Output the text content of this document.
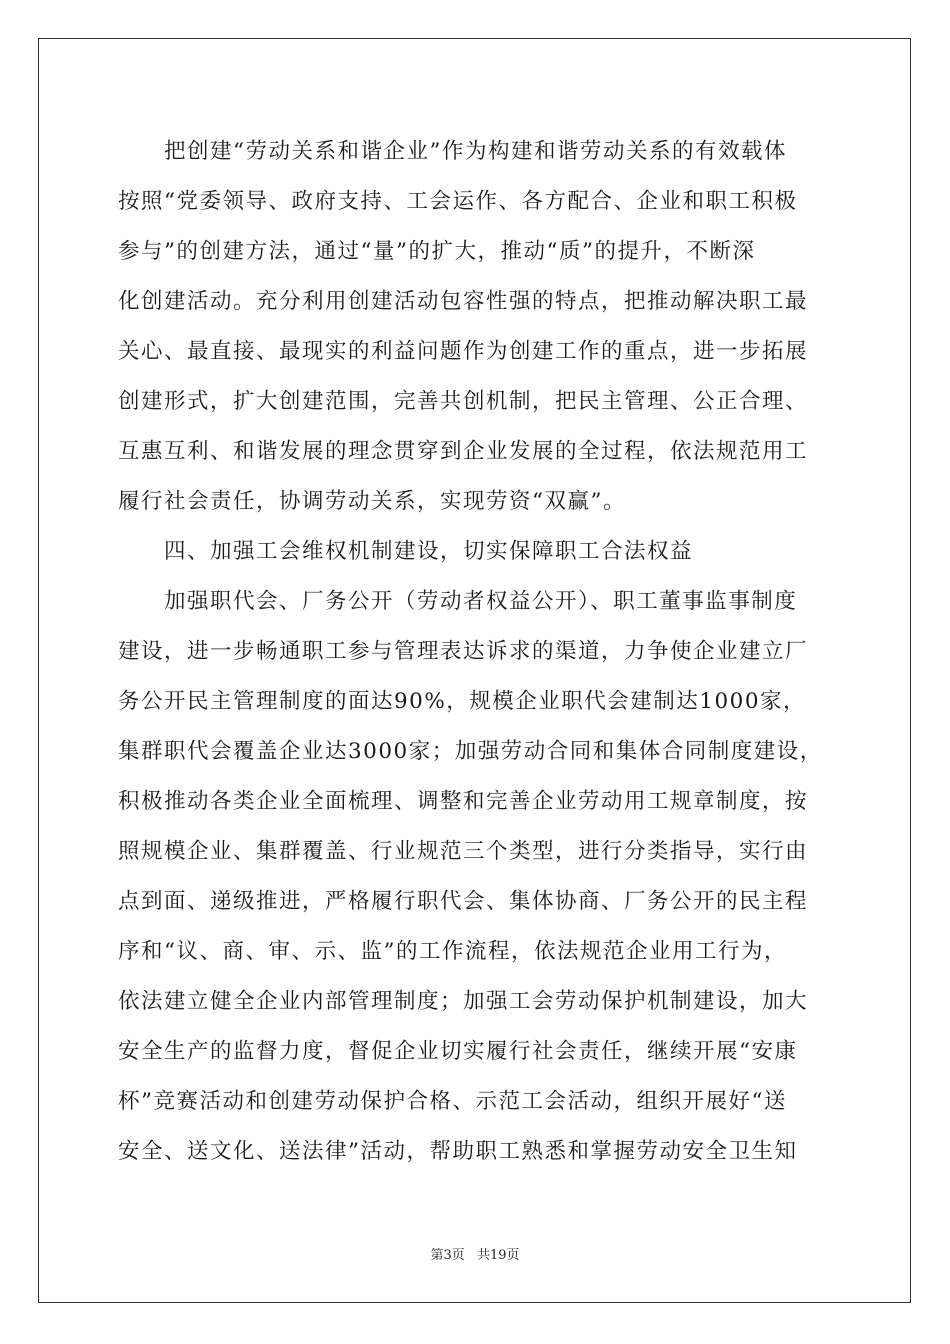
　　把创建“劳动关系和谐企业”作为构建和谐劳动关系的有效载体
按照“党委领导、政府支持、工会运作、各方配合、企业和职工积极
参与”的创建方法，通过“量”的扩大，推动“质”的提升，不断深
化创建活动。充分利用创建活动包容性强的特点，把推动解决职工最
关心、最直接、最现实的利益问题作为创建工作的重点，进一步拓展
创建形式，扩大创建范围，完善共创机制，把民主管理、公正合理、
互惠互利、和谐发展的理念贯穿到企业发展的全过程，依法规范用工
履行社会责任，协调劳动关系，实现劳资“双赢”。
　　四、加强工会维权机制建设，切实保障职工合法权益
　　加强职代会、厂务公开（劳动者权益公开）、职工董事监事制度
建设，进一步畅通职工参与管理表达诉求的渠道，力争使企业建立厂
务公开民主管理制度的面达90%，规模企业职代会建制达1000家，
集群职代会覆盖企业达3000家；加强劳动合同和集体合同制度建设，
积极推动各类企业全面梳理、调整和完善企业劳动用工规章制度，按
照规模企业、集群覆盖、行业规范三个类型，进行分类指导，实行由
点到面、递级推进，严格履行职代会、集体协商、厂务公开的民主程
序和“议、商、审、示、监”的工作流程，依法规范企业用工行为，
依法建立健全企业内部管理制度；加强工会劳动保护机制建设，加大
安全生产的监督力度，督促企业切实履行社会责任，继续开展“安康
杯”竞赛活动和创建劳动保护合格、示范工会活动，组织开展好“送
安全、送文化、送法律”活动，帮助职工熟悉和掌握劳动安全卫生知
第3页 共19页
